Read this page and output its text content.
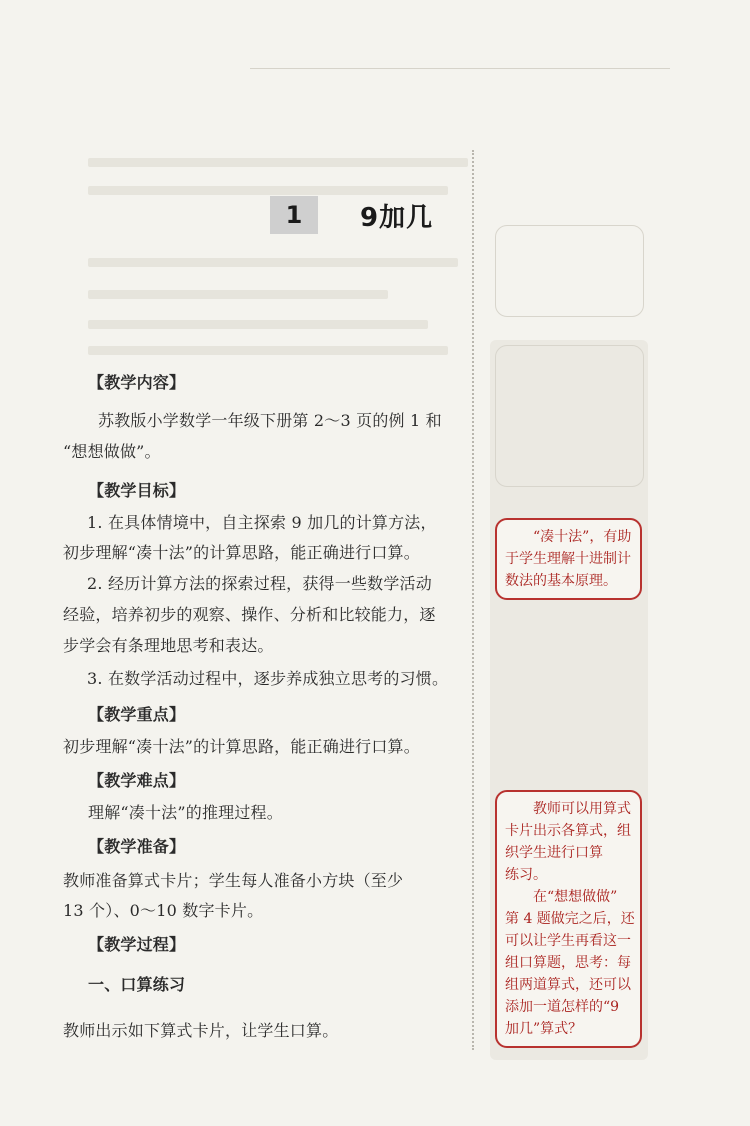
1	9加几
【教学内容】
苏教版小学数学一年级下册第 2～3 页的例 1 和
“想想做做”。
【教学目标】
1. 在具体情境中，自主探索 9 加几的计算方法，
初步理解“凑十法”的计算思路，能正确进行口算。
2. 经历计算方法的探索过程，获得一些数学活动
经验，培养初步的观察、操作、分析和比较能力，逐
步学会有条理地思考和表达。
3. 在数学活动过程中，逐步养成独立思考的习惯。
【教学重点】
初步理解“凑十法”的计算思路，能正确进行口算。
【教学难点】
理解“凑十法”的推理过程。
【教学准备】
教师准备算式卡片；学生每人准备小方块（至少
13 个）、0～10 数字卡片。
【教学过程】
一、口算练习
教师出示如下算式卡片，让学生口算。
“凑十法”，有助
于学生理解十进制计
数法的基本原理。
教师可以用算式
卡片出示各算式，组
织学生进行口算
练习。
在“想想做做”
第 4 题做完之后，还
可以让学生再看这一
组口算题，思考：每
组两道算式，还可以
添加一道怎样的“9
加几”算式？
